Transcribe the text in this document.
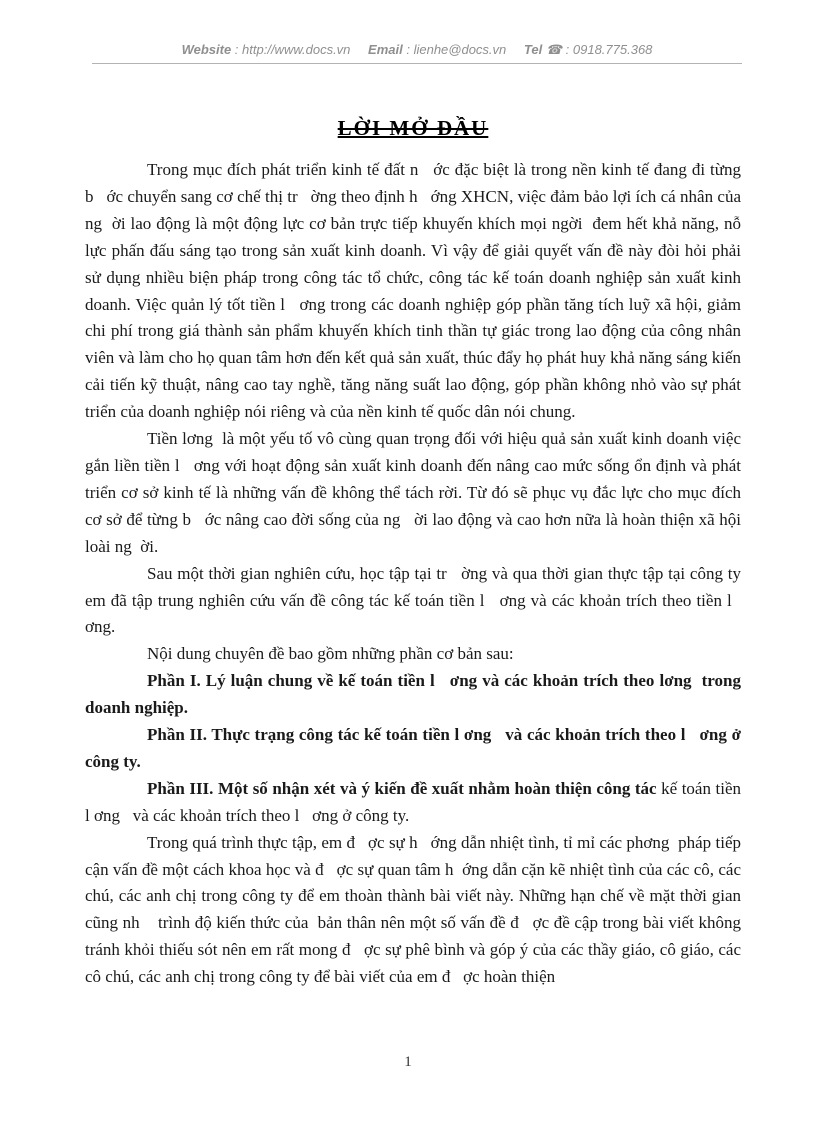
Website : http://www.docs.vn Email : lienhe@docs.vn Tel ☎ : 0918.775.368
LỜI MỞ ĐẦU

Trong mục đích phát triển kinh tế đất n   ớc đặc biệt là trong nền kinh tế đang đi từng b   ớc chuyển sang cơ chế thị tr   ờng theo định h   ớng XHCN, việc đảm bảo lợi ích cá nhân của ng  ời lao động là một động lực cơ bản trực tiếp khuyến khích mọi ngời  đem hết khả năng, nỗ lực phấn đấu sáng tạo trong sản xuất kinh doanh. Vì vậy để giải quyết vấn đề này đòi hỏi phải sử dụng nhiều biện pháp trong công tác tổ chức, công tác kế toán doanh nghiệp sản xuất kinh doanh. Việc quản lý tốt tiền l   ơng trong các doanh nghiệp góp phần tăng tích luỹ xã hội, giảm chi phí trong giá thành sản phẩm khuyến khích tinh thần tự giác trong lao động của công nhân viên và làm cho họ quan tâm hơn đến kết quả sản xuất, thúc đẩy họ phát huy khả năng sáng kiến cải tiến kỹ thuật, nâng cao tay nghề, tăng năng suất lao động, góp phần không nhỏ vào sự phát triển của doanh nghiệp nói riêng và của nền kinh tế quốc dân nói chung.

Tiền lơng  là một yếu tố vô cùng quan trọng đối với hiệu quả sản xuất kinh doanh việc gắn liền tiền l   ơng với hoạt động sản xuất kinh doanh đến nâng cao mức sống ổn định và phát triển cơ sở kinh tế là những vấn đề không thể tách rời. Từ đó sẽ phục vụ đắc lực cho mục đích cơ sở để từng b   ớc nâng cao đời sống của ng   ời lao động và cao hơn nữa là hoàn thiện xã hội loài ng  ời.

Sau một thời gian nghiên cứu, học tập tại tr   ờng và qua thời gian thực tập tại công ty em đã tập trung nghiên cứu vấn đề công tác kế toán tiền l   ơng và các khoản trích theo tiền l   ơng.

Nội dung chuyên đề bao gồm những phần cơ bản sau:

Phần I. Lý luận chung về kế toán tiền l   ơng và các khoản trích theo lơng  trong doanh nghiệp.

Phần II. Thực trạng công tác kế toán tiền l ơng   và các khoản trích theo l   ơng ở công ty.

Phần III. Một số nhận xét và ý kiến đề xuất nhằm hoàn thiện công tác kế toán tiền l ơng   và các khoản trích theo l   ơng ở công ty.

Trong quá trình thực tập, em đ   ợc sự h   ớng dẫn nhiệt tình, tỉ mỉ các phơng  pháp tiếp cận vấn đề một cách khoa học và đ   ợc sự quan tâm h  ớng dẫn cặn kẽ nhiệt tình của các cô, các chú, các anh chị trong công ty để em thoàn thành bài viết này. Những hạn chế về mặt thời gian cũng nh    trình độ kiến thức của  bản thân nên một số vấn đề đ   ợc đề cập trong bài viết không tránh khỏi thiếu sót nên em rất mong đ   ợc sự phê bình và góp ý của các thầy giáo, cô giáo, các cô chú, các anh chị trong công ty để bài viết của em đ   ợc hoàn thiện

1
